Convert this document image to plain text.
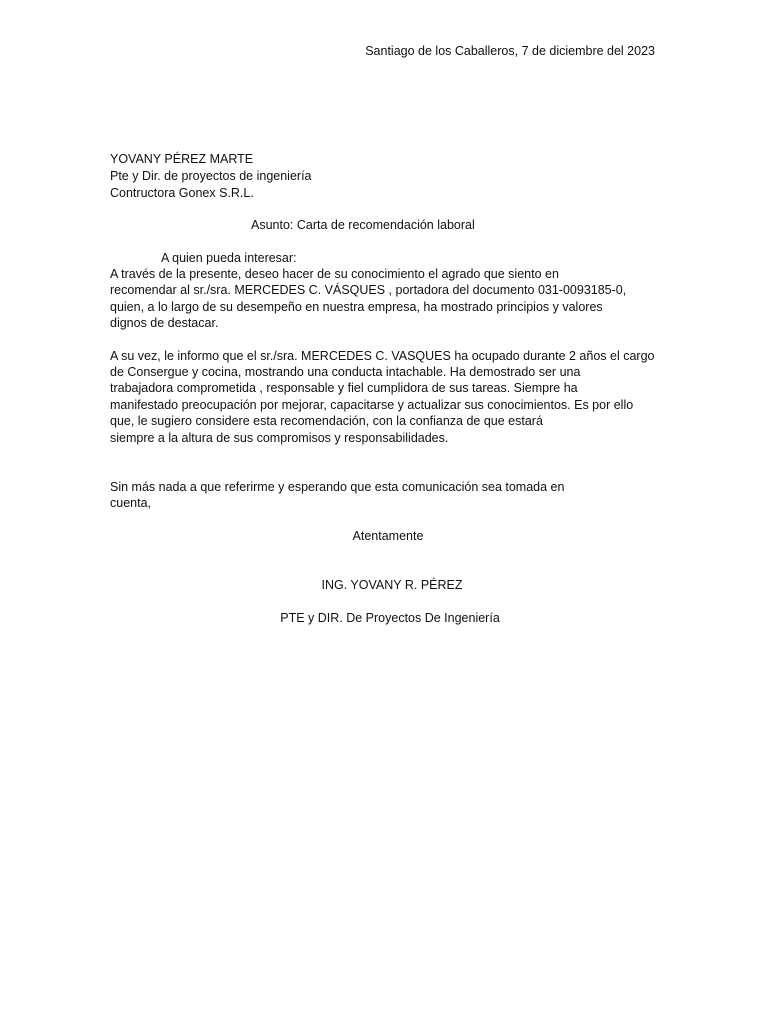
Santiago de los Caballeros, 7 de diciembre del 2023
YOVANY PÉREZ MARTE
Pte y Dir. de proyectos de ingeniería
Contructora Gonex S.R.L.
Asunto: Carta de recomendación laboral
A quien pueda interesar:
A través de la presente, deseo hacer de su conocimiento el agrado que siento en
recomendar al sr./sra. MERCEDES C. VÁSQUES , portadora del documento 031-0093185-0,
quien, a lo largo de su desempeño en nuestra empresa, ha mostrado principios y valores
dignos de destacar.
A su vez, le informo que el sr./sra. MERCEDES C. VASQUES ha ocupado durante 2 años el cargo
de Consergue y cocina, mostrando una conducta intachable. Ha demostrado ser una
trabajadora comprometida , responsable y fiel cumplidora de sus tareas. Siempre ha
manifestado preocupación por mejorar, capacitarse y actualizar sus conocimientos. Es por ello
que, le sugiero considere esta recomendación, con la confianza de que estará
siempre a la altura de sus compromisos y responsabilidades.
Sin más nada a que referirme y esperando que esta comunicación sea tomada en
cuenta,
Atentamente
ING. YOVANY R. PÉREZ
PTE y DIR. De Proyectos De Ingeniería
